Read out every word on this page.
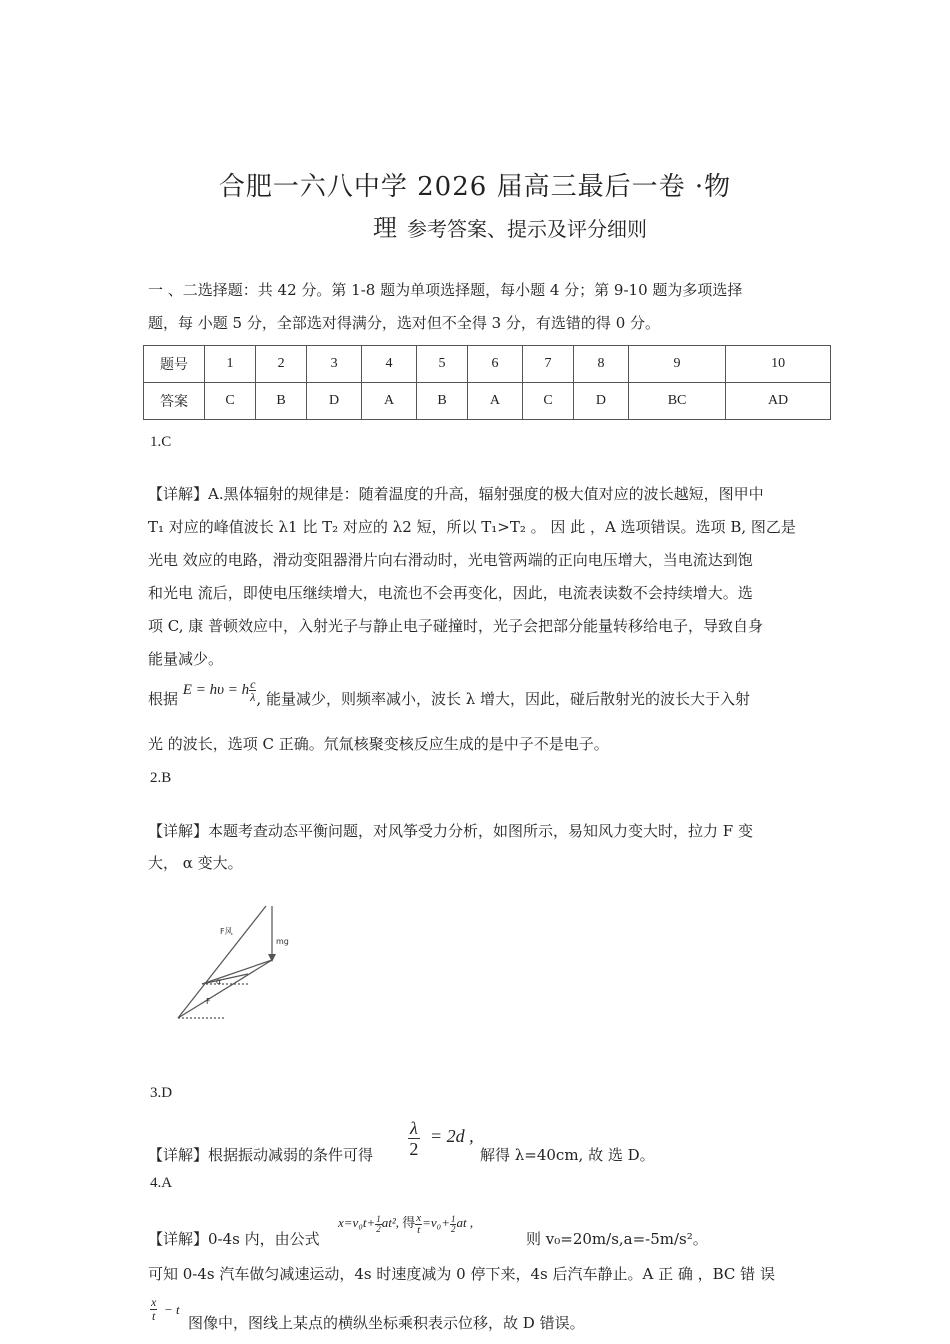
合肥一六八中学 2026 届高三最后一卷 ·物
理 参考答案、提示及评分细则
一 、二选择题：共 42 分。第 1-8 题为单项选择题，每小题 4 分；第 9-10 题为多项选择
题，每 小题 5 分，全部选对得满分，选对但不全得 3 分，有选错的得 0 分。
题号	1	2	3	4	5	6	7	8	9	10
答案	C	B	D	A	B	A	C	D	BC	AD
1.C
【详解】A.黑体辐射的规律是：随着温度的升高，辐射强度的极大值对应的波长越短，图甲中
T₁ 对应的峰值波长 λ1 比 T₂ 对应的 λ2 短，所以 T₁>T₂ 。 因 此 ，A 选项错误。选项 B, 图乙是
光电 效应的电路，滑动变阻器滑片向右滑动时，光电管两端的正向电压增大，当电流达到饱
和光电 流后，即使电压继续增大，电流也不会再变化，因此，电流表读数不会持续增大。选
项 C, 康 普顿效应中，入射光子与静止电子碰撞时，光子会把部分能量转移给电子，导致自身
能量减少。
根据 E = hυ = h $\frac{c}{\lambda}$ , 能量减少，则频率减小，波长 λ 增大，因此，碰后散射光的波长大于入射
光 的波长，选项 C 正确。氘氚核聚变核反应生成的是中子不是电子。
2.B
【详解】本题考查动态平衡问题，对风筝受力分析，如图所示，易知风力变大时，拉力 F 变
大， α 变大。
F风
mg
α
F
3.D
【详解】根据振动减弱的条件可得
λ
2
= 2d ,
解得 λ=40cm, 故 选 D。
4.A
【详解】0-4s 内，由公式
$x=v_0t+ \frac{1}{2} at^2$, 得 $\frac{x}{t} =v_0+ \frac{1}{2}$ at ,
则 v₀=20m/s,a=-5m/s²。
可知 0-4s 汽车做匀减速运动，4s 时速度减为 0 停下来，4s 后汽车静止。A 正 确 ，BC 错 误
x
t − t
图像中，图线上某点的横纵坐标乘积表示位移，故 D 错误。
